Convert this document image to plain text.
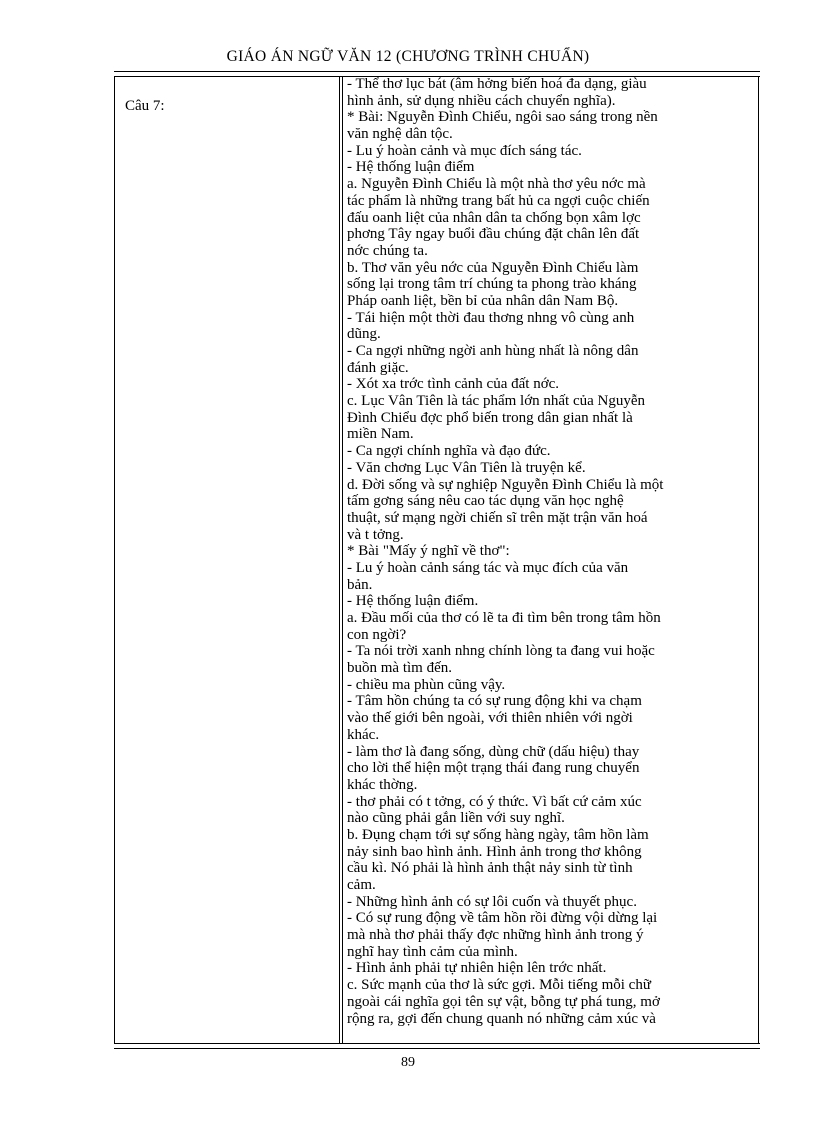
GIÁO ÁN NGỮ VĂN 12 (CHƯƠNG TRÌNH CHUẨN)
Câu 7:
- Thể thơ lục bát (âm hởng biến hoá đa dạng, giàu
hình ảnh, sử dụng nhiều cách chuyển nghĩa).
* Bài: Nguyễn Đình Chiểu, ngôi sao sáng trong nền
văn nghệ dân tộc.
- Lu ý hoàn cảnh và mục đích sáng tác.
- Hệ thống luận điểm
a. Nguyễn Đình Chiểu là một nhà thơ yêu nớc mà
tác phẩm là những trang bất hủ ca ngợi cuộc chiến
đấu oanh liệt của nhân dân ta chống bọn xâm lợc
phơng Tây ngay buổi đầu chúng đặt chân lên đất
nớc chúng ta.
b. Thơ văn yêu nớc của Nguyễn Đình Chiểu làm
sống lại trong tâm trí chúng ta phong trào kháng
Pháp oanh liệt, bền bỉ của nhân dân Nam Bộ.
- Tái hiện một thời đau thơng nhng vô cùng anh
dũng.
- Ca ngợi những ngời anh hùng nhất là nông dân
đánh giặc.
- Xót xa trớc tình cảnh của đất nớc.
c. Lục Vân Tiên là tác phẩm lớn nhất của Nguyễn
Đình Chiểu đợc phổ biến trong dân gian nhất là
miền Nam.
- Ca ngợi chính nghĩa và đạo đức.
- Văn chơng Lục Vân Tiên là truyện kể.
d. Đời sống và sự nghiệp Nguyễn Đình Chiểu là một
tấm gơng sáng nêu cao tác dụng văn học nghệ
thuật, sứ mạng ngời chiến sĩ trên mặt trận văn hoá
và t tởng.
* Bài "Mấy ý nghĩ về thơ":
- Lu ý hoàn cảnh sáng tác và mục đích của văn
bản.
- Hệ thống luận điểm.
a. Đầu mối của thơ có lẽ ta đi tìm bên trong tâm hồn
con ngời?
- Ta nói trời xanh nhng chính lòng ta đang vui hoặc
buồn mà tìm đến.
- chiều ma phùn cũng vậy.
- Tâm hồn chúng ta có sự rung động khi va chạm
vào thế giới bên ngoài, với thiên nhiên với ngời
khác.
- làm thơ là đang sống, dùng chữ (dấu hiệu) thay
cho lời thể hiện một trạng thái đang rung chuyển
khác thờng.
- thơ phải có t tởng, có ý thức. Vì bất cứ cảm xúc
nào cũng phải gắn liền với suy nghĩ.
b. Đụng chạm tới sự sống hàng ngày, tâm hồn làm
nảy sinh bao hình ảnh. Hình ảnh trong thơ không
cầu kì. Nó phải là hình ảnh thật nảy sinh từ tình
cảm.
- Những hình ảnh có sự lôi cuốn và thuyết phục.
- Có sự rung động về tâm hồn rồi đừng vội dừng lại
mà nhà thơ phải thấy đợc những hình ảnh trong ý
nghĩ hay tình cảm của mình.
- Hình ảnh phải tự nhiên hiện lên trớc nhất.
c. Sức mạnh của thơ là sức gợi. Mỗi tiếng mỗi chữ
ngoài cái nghĩa gọi tên sự vật, bỗng tự phá tung, mở
rộng ra, gợi đến chung quanh nó những cảm xúc và
89
